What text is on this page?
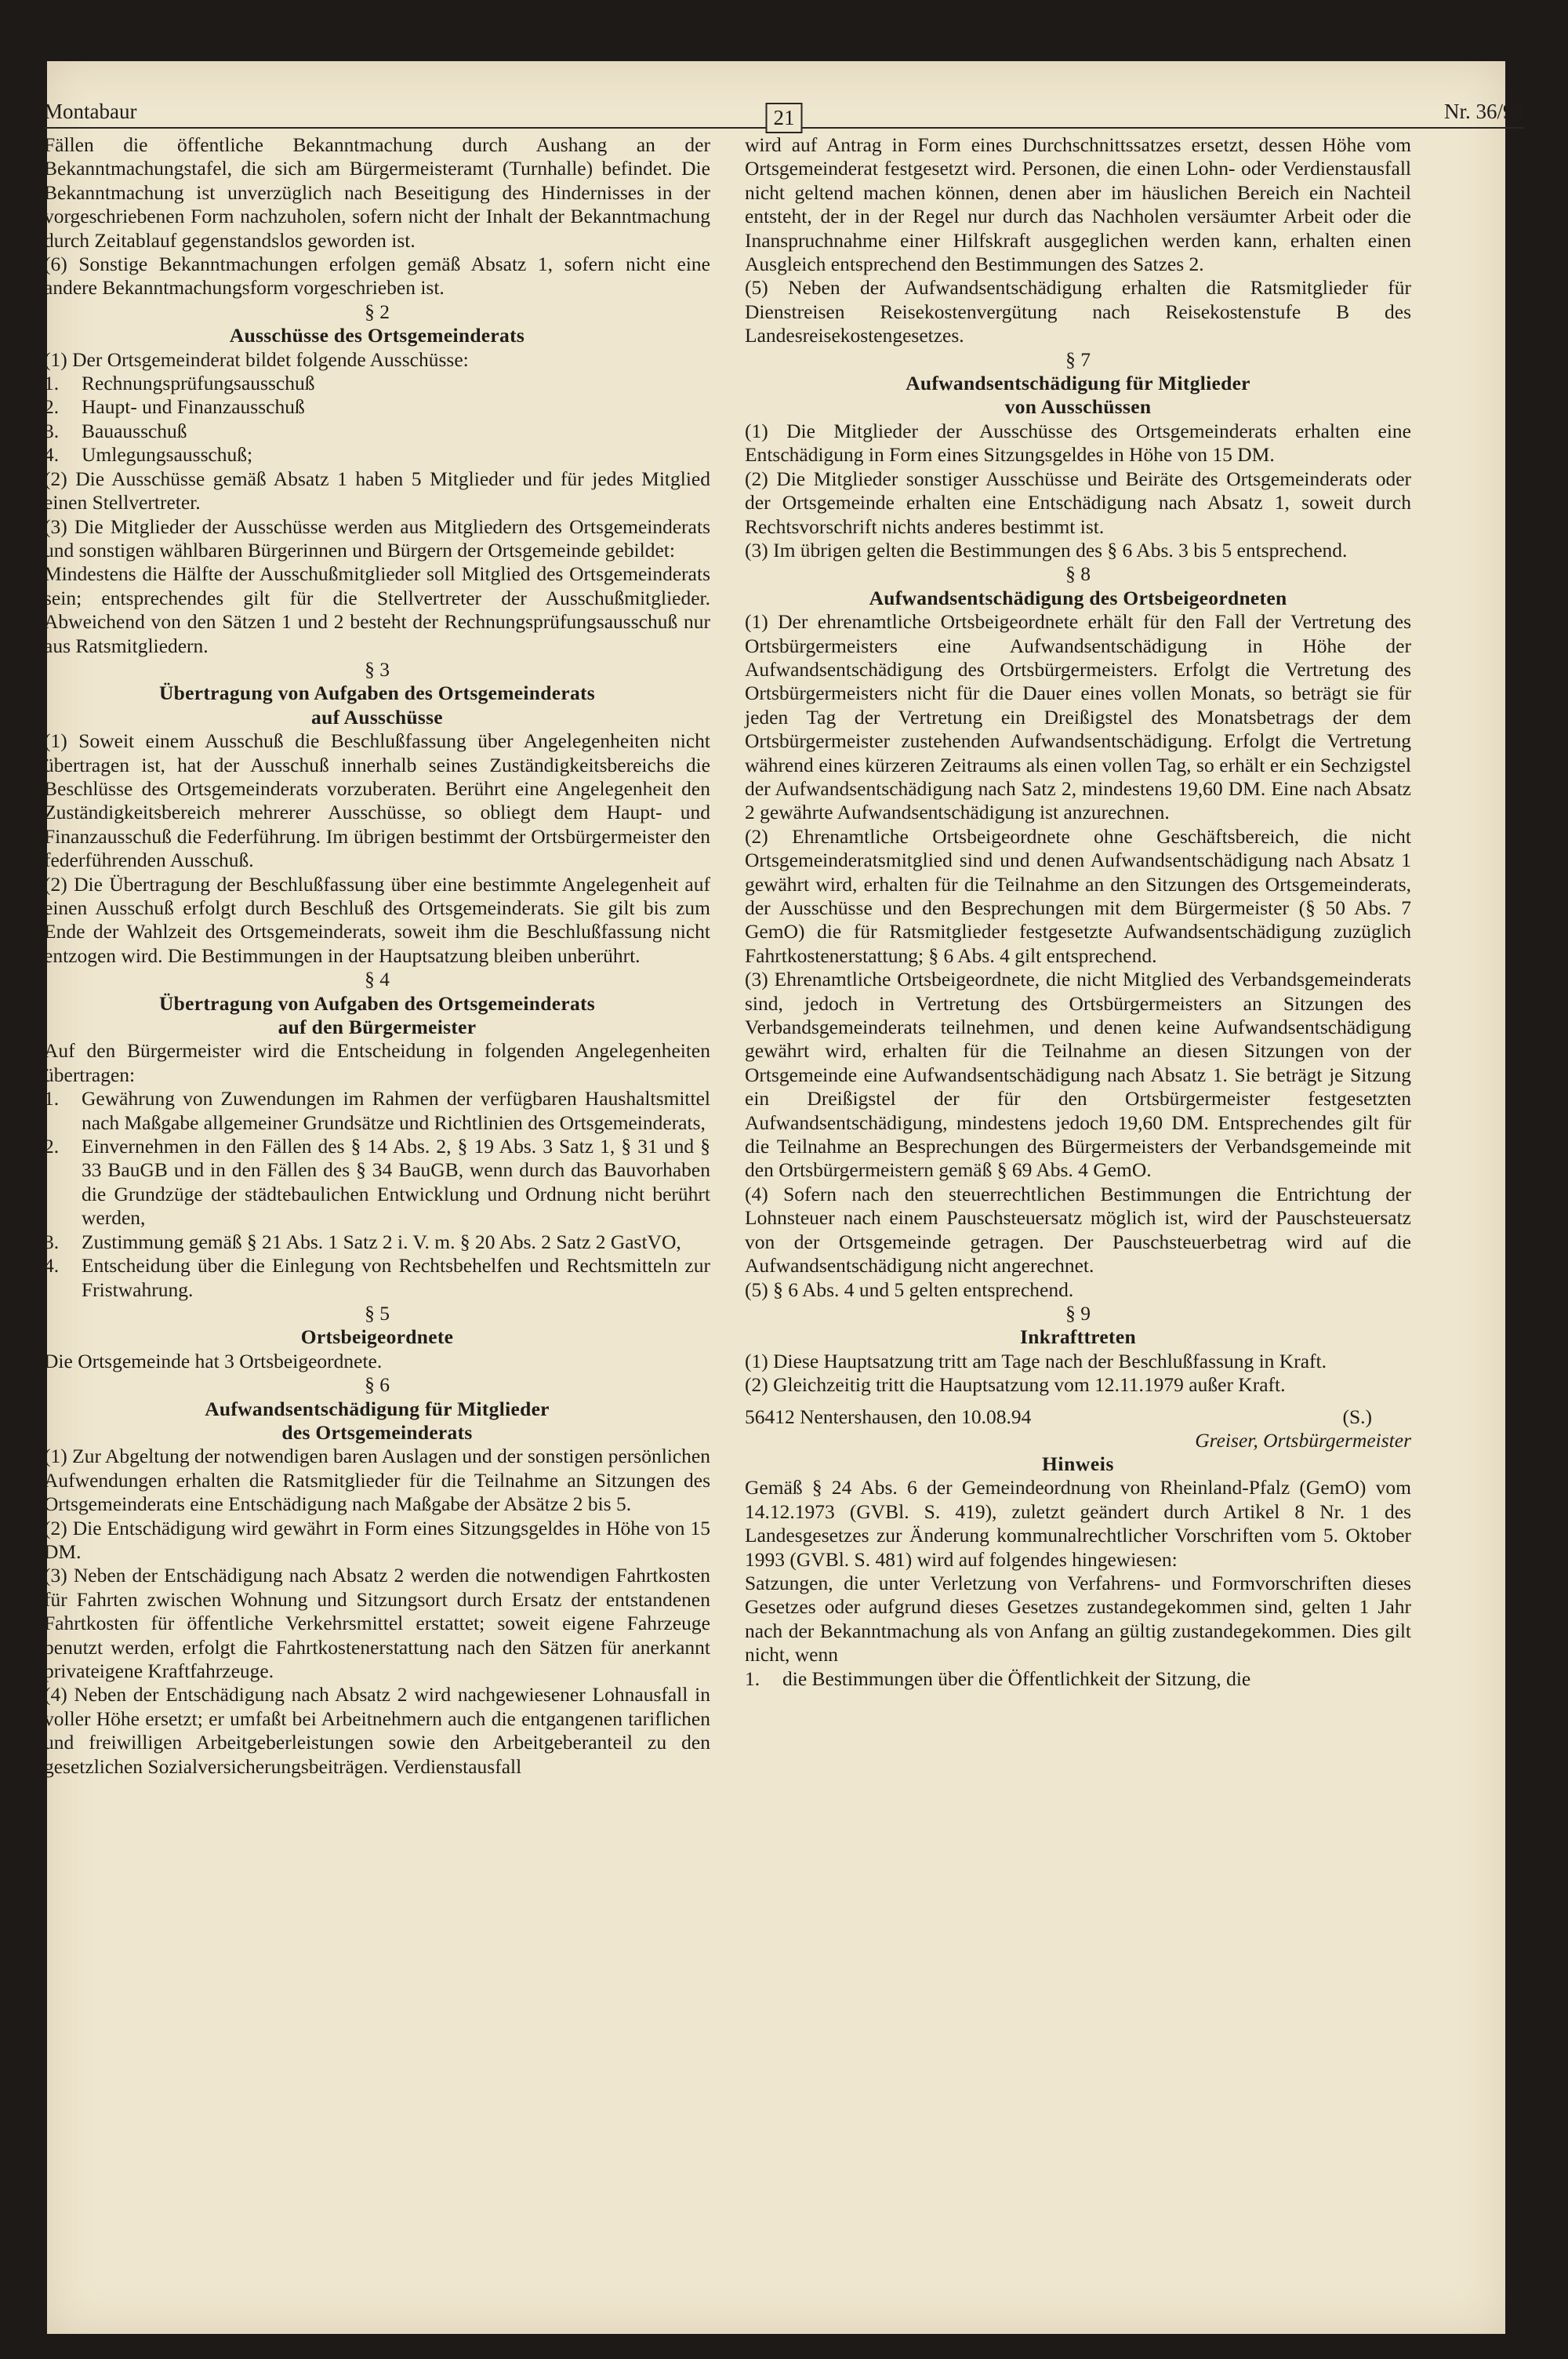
Montabaur	21	Nr. 36/94

Fällen die öffentliche Bekanntmachung durch Aushang an der Bekanntmachungstafel, die sich am Bürgermeisteramt (Turnhalle) befindet. Die Bekanntmachung ist unverzüglich nach Beseitigung des Hindernisses in der vorgeschriebenen Form nachzuholen, sofern nicht der Inhalt der Bekanntmachung durch Zeitablauf gegenstandslos geworden ist.

(6) Sonstige Bekanntmachungen erfolgen gemäß Absatz 1, sofern nicht eine andere Bekanntmachungsform vorgeschrieben ist.

§ 2

Ausschüsse des Ortsgemeinderats

(1) Der Ortsgemeinderat bildet folgende Ausschüsse:

1. Rechnungsprüfungsausschuß
2. Haupt- und Finanzausschuß
3. Bauausschuß
4. Umlegungsausschuß;

(2) Die Ausschüsse gemäß Absatz 1 haben 5 Mitglieder und für jedes Mitglied einen Stellvertreter.

(3) Die Mitglieder der Ausschüsse werden aus Mitgliedern des Ortsgemeinderats und sonstigen wählbaren Bürgerinnen und Bürgern der Ortsgemeinde gebildet:

Mindestens die Hälfte der Ausschußmitglieder soll Mitglied des Ortsgemeinderats sein; entsprechendes gilt für die Stellvertreter der Ausschußmitglieder. Abweichend von den Sätzen 1 und 2 besteht der Rechnungsprüfungsausschuß nur aus Ratsmitgliedern.

§ 3

Übertragung von Aufgaben des Ortsgemeinderats

auf Ausschüsse

(1) Soweit einem Ausschuß die Beschlußfassung über Angelegenheiten nicht übertragen ist, hat der Ausschuß innerhalb seines Zuständigkeitsbereichs die Beschlüsse des Ortsgemeinderats vorzuberaten. Berührt eine Angelegenheit den Zuständigkeitsbereich mehrerer Ausschüsse, so obliegt dem Haupt- und Finanzausschuß die Federführung. Im übrigen bestimmt der Ortsbürgermeister den federführenden Ausschuß.

(2) Die Übertragung der Beschlußfassung über eine bestimmte Angelegenheit auf einen Ausschuß erfolgt durch Beschluß des Ortsgemeinderats. Sie gilt bis zum Ende der Wahlzeit des Ortsgemeinderats, soweit ihm die Beschlußfassung nicht entzogen wird. Die Bestimmungen in der Hauptsatzung bleiben unberührt.

§ 4

Übertragung von Aufgaben des Ortsgemeinderats

auf den Bürgermeister

Auf den Bürgermeister wird die Entscheidung in folgenden Angelegenheiten übertragen:

1. Gewährung von Zuwendungen im Rahmen der verfügbaren Haushaltsmittel nach Maßgabe allgemeiner Grundsätze und Richtlinien des Ortsgemeinderats,
2. Einvernehmen in den Fällen des § 14 Abs. 2, § 19 Abs. 3 Satz 1, § 31 und § 33 BauGB und in den Fällen des § 34 BauGB, wenn durch das Bauvorhaben die Grundzüge der städtebaulichen Entwicklung und Ordnung nicht berührt werden,
3. Zustimmung gemäß § 21 Abs. 1 Satz 2 i. V. m. § 20 Abs. 2 Satz 2 GastVO,
4. Entscheidung über die Einlegung von Rechtsbehelfen und Rechtsmitteln zur Fristwahrung.

§ 5

Ortsbeigeordnete

Die Ortsgemeinde hat 3 Ortsbeigeordnete.

§ 6

Aufwandsentschädigung für Mitglieder

des Ortsgemeinderats

(1) Zur Abgeltung der notwendigen baren Auslagen und der sonstigen persönlichen Aufwendungen erhalten die Ratsmitglieder für die Teilnahme an Sitzungen des Ortsgemeinderats eine Entschädigung nach Maßgabe der Absätze 2 bis 5.

(2) Die Entschädigung wird gewährt in Form eines Sitzungsgeldes in Höhe von 15 DM.

(3) Neben der Entschädigung nach Absatz 2 werden die notwendigen Fahrtkosten für Fahrten zwischen Wohnung und Sitzungsort durch Ersatz der entstandenen Fahrtkosten für öffentliche Verkehrsmittel erstattet; soweit eigene Fahrzeuge benutzt werden, erfolgt die Fahrtkostenerstattung nach den Sätzen für anerkannt privateigene Kraftfahrzeuge.

(4) Neben der Entschädigung nach Absatz 2 wird nachgewiesener Lohnausfall in voller Höhe ersetzt; er umfaßt bei Arbeitnehmern auch die entgangenen tariflichen und freiwilligen Arbeitgeberleistungen sowie den Arbeitgeberanteil zu den gesetzlichen Sozialversicherungsbeiträgen. Verdienstausfall

wird auf Antrag in Form eines Durchschnittssatzes ersetzt, dessen Höhe vom Ortsgemeinderat festgesetzt wird. Personen, die einen Lohn- oder Verdienstausfall nicht geltend machen können, denen aber im häuslichen Bereich ein Nachteil entsteht, der in der Regel nur durch das Nachholen versäumter Arbeit oder die Inanspruchnahme einer Hilfskraft ausgeglichen werden kann, erhalten einen Ausgleich entsprechend den Bestimmungen des Satzes 2.

(5) Neben der Aufwandsentschädigung erhalten die Ratsmitglieder für Dienstreisen Reisekostenvergütung nach Reisekostenstufe B des Landesreisekostengesetzes.

§ 7

Aufwandsentschädigung für Mitglieder

von Ausschüssen

(1) Die Mitglieder der Ausschüsse des Ortsgemeinderats erhalten eine Entschädigung in Form eines Sitzungsgeldes in Höhe von 15 DM.

(2) Die Mitglieder sonstiger Ausschüsse und Beiräte des Ortsgemeinderats oder der Ortsgemeinde erhalten eine Entschädigung nach Absatz 1, soweit durch Rechtsvorschrift nichts anderes bestimmt ist.

(3) Im übrigen gelten die Bestimmungen des § 6 Abs. 3 bis 5 entsprechend.

§ 8

Aufwandsentschädigung des Ortsbeigeordneten

(1) Der ehrenamtliche Ortsbeigeordnete erhält für den Fall der Vertretung des Ortsbürgermeisters eine Aufwandsentschädigung in Höhe der Aufwandsentschädigung des Ortsbürgermeisters. Erfolgt die Vertretung des Ortsbürgermeisters nicht für die Dauer eines vollen Monats, so beträgt sie für jeden Tag der Vertretung ein Dreißigstel des Monatsbetrags der dem Ortsbürgermeister zustehenden Aufwandsentschädigung. Erfolgt die Vertretung während eines kürzeren Zeitraums als einen vollen Tag, so erhält er ein Sechzigstel der Aufwandsentschädigung nach Satz 2, mindestens 19,60 DM. Eine nach Absatz 2 gewährte Aufwandsentschädigung ist anzurechnen.

(2) Ehrenamtliche Ortsbeigeordnete ohne Geschäftsbereich, die nicht Ortsgemeinderatsmitglied sind und denen Aufwandsentschädigung nach Absatz 1 gewährt wird, erhalten für die Teilnahme an den Sitzungen des Ortsgemeinderats, der Ausschüsse und den Besprechungen mit dem Bürgermeister (§ 50 Abs. 7 GemO) die für Ratsmitglieder festgesetzte Aufwandsentschädigung zuzüglich Fahrtkostenerstattung; § 6 Abs. 4 gilt entsprechend.

(3) Ehrenamtliche Ortsbeigeordnete, die nicht Mitglied des Verbandsgemeinderats sind, jedoch in Vertretung des Ortsbürgermeisters an Sitzungen des Verbandsgemeinderats teilnehmen, und denen keine Aufwandsentschädigung gewährt wird, erhalten für die Teilnahme an diesen Sitzungen von der Ortsgemeinde eine Aufwandsentschädigung nach Absatz 1. Sie beträgt je Sitzung ein Dreißigstel der für den Ortsbürgermeister festgesetzten Aufwandsentschädigung, mindestens jedoch 19,60 DM. Entsprechendes gilt für die Teilnahme an Besprechungen des Bürgermeisters der Verbandsgemeinde mit den Ortsbürgermeistern gemäß § 69 Abs. 4 GemO.

(4) Sofern nach den steuerrechtlichen Bestimmungen die Entrichtung der Lohnsteuer nach einem Pauschsteuersatz möglich ist, wird der Pauschsteuersatz von der Ortsgemeinde getragen. Der Pauschsteuerbetrag wird auf die Aufwandsentschädigung nicht angerechnet.

(5) § 6 Abs. 4 und 5 gelten entsprechend.

§ 9

Inkrafttreten

(1) Diese Hauptsatzung tritt am Tage nach der Beschlußfassung in Kraft.

(2) Gleichzeitig tritt die Hauptsatzung vom 12.11.1979 außer Kraft.

56412 Nentershausen, den 10.08.94	(S.)

Greiser, Ortsbürgermeister

Hinweis

Gemäß § 24 Abs. 6 der Gemeindeordnung von Rheinland-Pfalz (GemO) vom 14.12.1973 (GVBl. S. 419), zuletzt geändert durch Artikel 8 Nr. 1 des Landesgesetzes zur Änderung kommunalrechtlicher Vorschriften vom 5. Oktober 1993 (GVBl. S. 481) wird auf folgendes hingewiesen:

Satzungen, die unter Verletzung von Verfahrens- und Formvorschriften dieses Gesetzes oder aufgrund dieses Gesetzes zustandegekommen sind, gelten 1 Jahr nach der Bekanntmachung als von Anfang an gültig zustandegekommen. Dies gilt nicht, wenn

1. die Bestimmungen über die Öffentlichkeit der Sitzung, die
